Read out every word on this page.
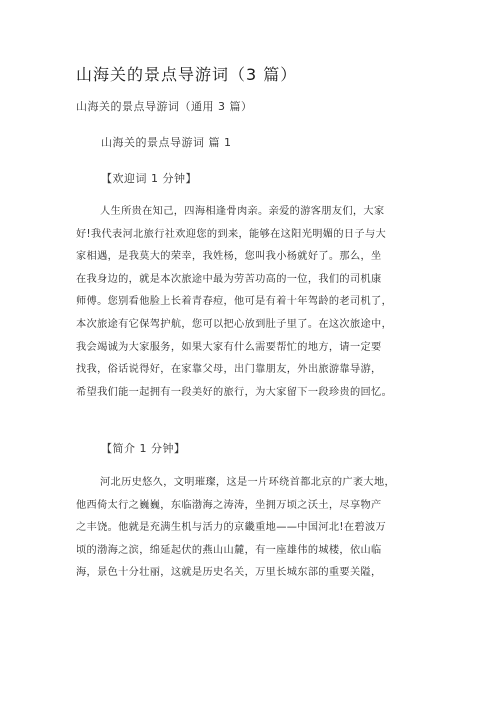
山海关的景点导游词（3 篇）
山海关的景点导游词（通用 3 篇）
山海关的景点导游词 篇 1
【欢迎词 1 分钟】
人生所贵在知己，四海相逢骨肉亲。亲爱的游客朋友们，大家
好!我代表河北旅行社欢迎您的到来，能够在这阳光明媚的日子与大
家相遇，是我莫大的荣幸，我姓杨，您叫我小杨就好了。那么，坐
在我身边的，就是本次旅途中最为劳苦功高的一位，我们的司机康
师傅。您别看他脸上长着青春痘，他可是有着十年驾龄的老司机了，
本次旅途有它保驾护航，您可以把心放到肚子里了。在这次旅途中，
我会竭诚为大家服务，如果大家有什么需要帮忙的地方，请一定要
找我，俗话说得好，在家靠父母，出门靠朋友，外出旅游靠导游，
希望我们能一起拥有一段美好的旅行，为大家留下一段珍贵的回忆。
【简介 1 分钟】
河北历史悠久，文明璀璨，这是一片环绕首都北京的广袤大地，
他西倚太行之巍巍，东临渤海之涛涛，坐拥万顷之沃土，尽享物产
之丰饶。他就是充满生机与活力的京畿重地——中国河北!在碧波万
顷的渤海之滨，绵延起伏的燕山山麓，有一座雄伟的城楼，依山临
海，景色十分壮丽，这就是历史名关，万里长城东部的重要关隘，
